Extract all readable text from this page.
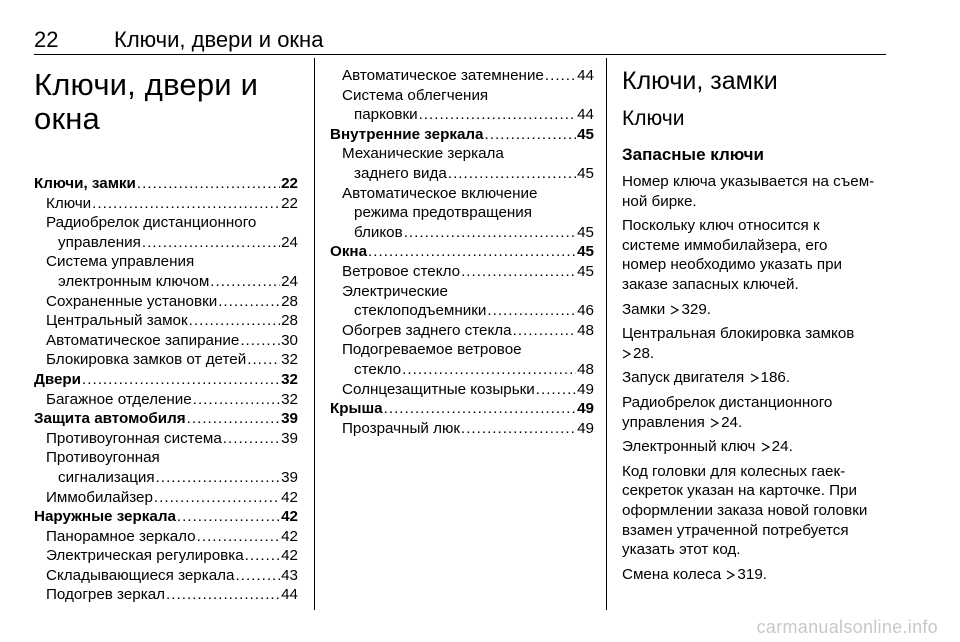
22	Ключи, двери и окна
Ключи, двери и
окна
Ключи, замки .....	22
Ключи .....	22
Радиобрелок дистанционного
управления .....	24
Система управления
электронным ключом .....	24
Сохраненные установки .....	28
Центральный замок .....	28
Автоматическое запирание .....	30
Блокировка замков от детей ..... 32
Двери .....	32
Багажное отделение .....	32
Защита автомобиля .....	39
Противоугонная система .....	39
Противоугонная
сигнализация .....	39
Иммобилайзер .....	42
Наружные зеркала .....	42
Панорамное зеркало .....	42
Электрическая регулировка ..... 42
Складывающиеся зеркала .....	43
Подогрев зеркал .....	44
Автоматическое затемнение ..... 44
Система облегчения
парковки .....	44
Внутренние зеркала .....	45
Механические зеркала
заднего вида .....	45
Автоматическое включение
режима предотвращения
бликов .....	45
Окна .....	45
Ветровое стекло .....	45
Электрические
стеклоподъемники .....	46
Обогрев заднего стекла .....	48
Подогреваемое ветровое
стекло .....	48
Солнцезащитные козырьки .....	49
Крыша .....	49
Прозрачный люк .....	49
Ключи, замки
Ключи
Запасные ключи

Номер ключа указывается на съем-
ной бирке.

Поскольку ключ относится к
системе иммобилайзера, его
номер необходимо указать при
заказе запасных ключей.

Замки 329.

Центральная блокировка замков
28.

Запуск двигателя 186.

Радиобрелок дистанционного
управления 24.

Электронный ключ 24.

Код головки для колесных гаек-
секреток указан на карточке. При
оформлении заказа новой головки
взамен утраченной потребуется
указать этот код.

Смена колеса 319.

carmanualsonline.info
